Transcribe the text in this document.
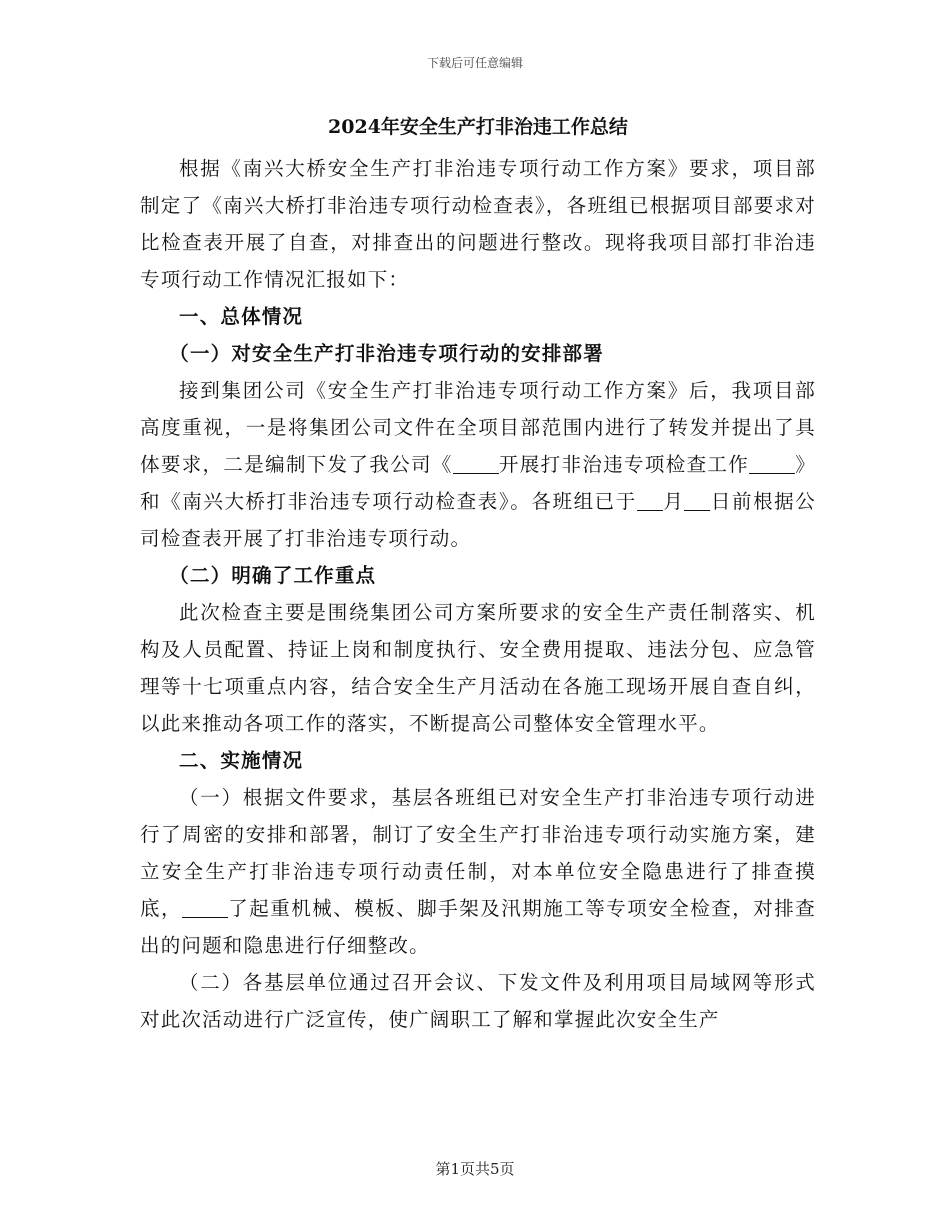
下载后可任意编辑
2024年安全生产打非治违工作总结

根据《南兴大桥安全生产打非治违专项行动工作方案》要求，项目部制定了《南兴大桥打非治违专项行动检查表》，各班组已根据项目部要求对比检查表开展了自查，对排查出的问题进行整改。现将我项目部打非治违专项行动工作情况汇报如下：

一、总体情况

（一）对安全生产打非治违专项行动的安排部署

接到集团公司《安全生产打非治违专项行动工作方案》后，我项目部高度重视，一是将集团公司文件在全项目部范围内进行了转发并提出了具体要求，二是编制下发了我公司《 开展打非治违专项检查工作 》和《南兴大桥打非治违专项行动检查表》。各班组已于 月 日前根据公司检查表开展了打非治违专项行动。

（二）明确了工作重点

此次检查主要是围绕集团公司方案所要求的安全生产责任制落实、机构及人员配置、持证上岗和制度执行、安全费用提取、违法分包、应急管理等十七项重点内容，结合安全生产月活动在各施工现场开展自查自纠，以此来推动各项工作的落实，不断提高公司整体安全管理水平。

二、实施情况

（一）根据文件要求，基层各班组已对安全生产打非治违专项行动进行了周密的安排和部署，制订了安全生产打非治违专项行动实施方案，建立安全生产打非治违专项行动责任制，对本单位安全隐患进行了排查摸底， 了起重机械、模板、脚手架及汛期施工等专项安全检查，对排查出的问题和隐患进行仔细整改。

（二）各基层单位通过召开会议、下发文件及利用项目局域网等形式对此次活动进行广泛宣传，使广阔职工了解和掌握此次安全生产

第1页共5页
